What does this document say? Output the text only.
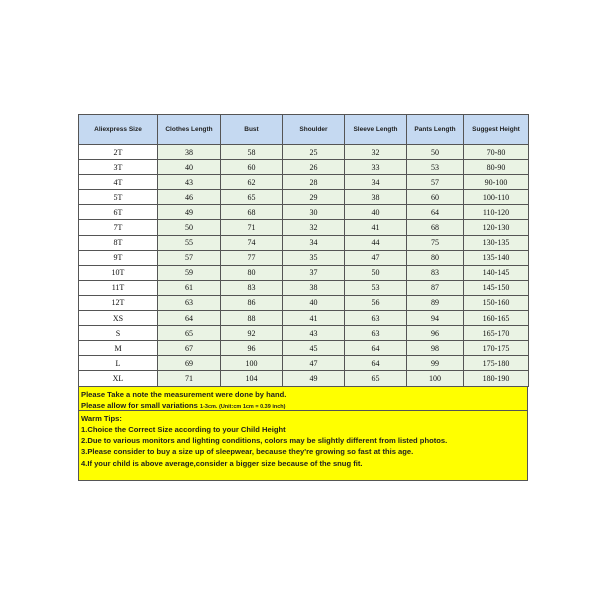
Aliexpress Size	Clothes Length	Bust	Shoulder	Sleeve Length	Pants Length	Suggest Height
2T	38	58	25	32	50	70-80
3T	40	60	26	33	53	80-90
4T	43	62	28	34	57	90-100
5T	46	65	29	38	60	100-110
6T	49	68	30	40	64	110-120
7T	50	71	32	41	68	120-130
8T	55	74	34	44	75	130-135
9T	57	77	35	47	80	135-140
10T	59	80	37	50	83	140-145
11T	61	83	38	53	87	145-150
12T	63	86	40	56	89	150-160
XS	64	88	41	63	94	160-165
S	65	92	43	63	96	165-170
M	67	96	45	64	98	170-175
L	69	100	47	64	99	175-180
XL	71	104	49	65	100	180-190
Please Take a note the measurement were done by hand.
Please allow for small variations 1-3cm. (Unit:cm 1cm = 0.39 inch)
Warm Tips:
1.Choice the Correct Size according to your Child Height
2.Due to various monitors and lighting conditions, colors may be slightly different from listed photos.
3.Please consider to buy a size up of sleepwear, because they're growing so fast at this age.
4.If your child is above average,consider a bigger size because of the snug fit.
